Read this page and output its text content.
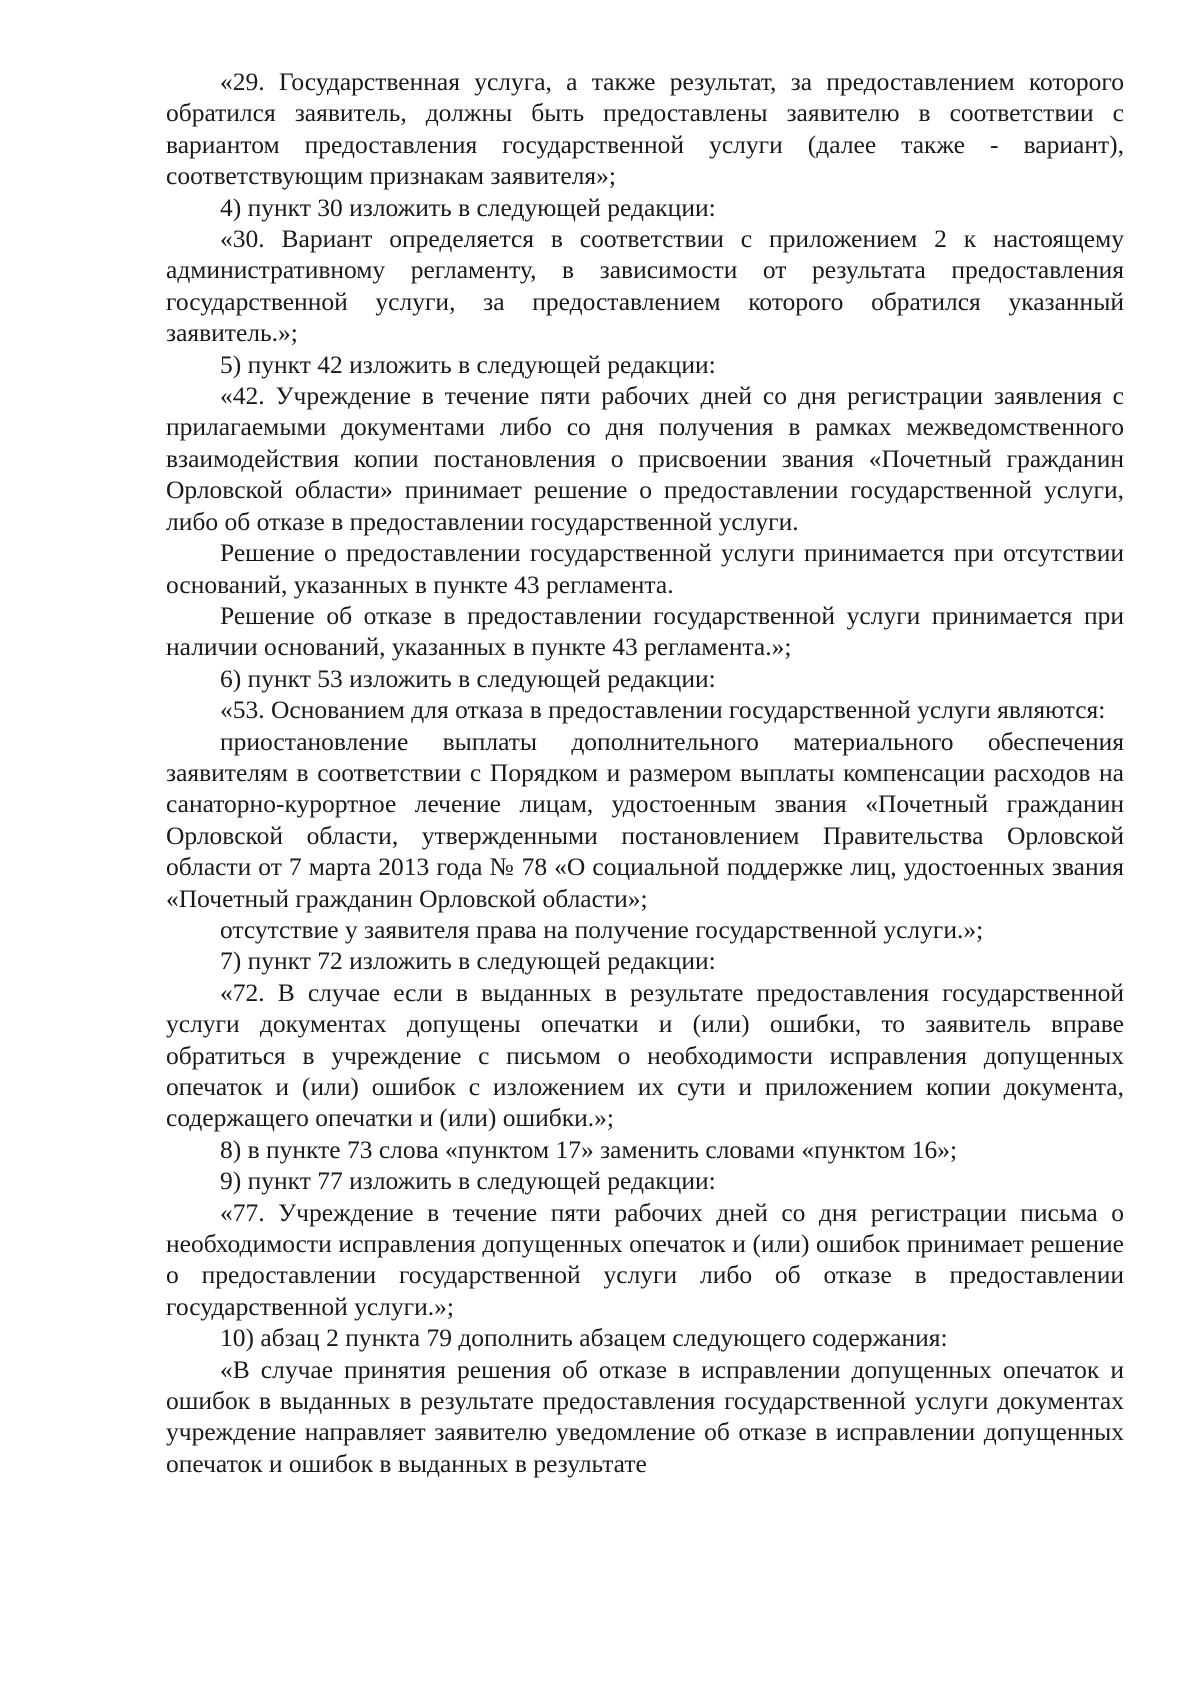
«29. Государственная услуга, а также результат, за предоставлением которого обратился заявитель, должны быть предоставлены заявителю в соответствии с вариантом предоставления государственной услуги (далее также - вариант), соответствующим признакам заявителя»;

4) пункт 30 изложить в следующей редакции:

«30. Вариант определяется в соответствии с приложением 2 к настоящему административному регламенту, в зависимости от результата предоставления государственной услуги, за предоставлением которого обратился указанный заявитель.»;

5) пункт 42 изложить в следующей редакции:

«42. Учреждение в течение пяти рабочих дней со дня регистрации заявления с прилагаемыми документами либо со дня получения в рамках межведомственного взаимодействия копии постановления о присвоении звания «Почетный гражданин Орловской области» принимает решение о предоставлении государственной услуги, либо об отказе в предоставлении государственной услуги.

Решение о предоставлении государственной услуги принимается при отсутствии оснований, указанных в пункте 43 регламента.

Решение об отказе в предоставлении государственной услуги принимается при наличии оснований, указанных в пункте 43 регламента.»;

6) пункт 53 изложить в следующей редакции:

«53. Основанием для отказа в предоставлении государственной услуги являются:

приостановление выплаты дополнительного материального обеспечения заявителям в соответствии с Порядком и размером выплаты компенсации расходов на санаторно-курортное лечение лицам, удостоенным звания «Почетный гражданин Орловской области, утвержденными постановлением Правительства Орловской области от 7 марта 2013 года № 78 «О социальной поддержке лиц, удостоенных звания «Почетный гражданин Орловской области»;

отсутствие у заявителя права на получение государственной услуги.»;

7) пункт 72 изложить в следующей редакции:

«72. В случае если в выданных в результате предоставления государственной услуги документах допущены опечатки и (или) ошибки, то заявитель вправе обратиться в учреждение с письмом о необходимости исправления допущенных опечаток и (или) ошибок с изложением их сути и приложением копии документа, содержащего опечатки и (или) ошибки.»;

8) в пункте 73 слова «пунктом 17» заменить словами «пунктом 16»;

9) пункт 77 изложить в следующей редакции:

«77. Учреждение в течение пяти рабочих дней со дня регистрации письма о необходимости исправления допущенных опечаток и (или) ошибок принимает решение о предоставлении государственной услуги либо об отказе в предоставлении государственной услуги.»;

10) абзац 2 пункта 79 дополнить абзацем следующего содержания:

«В случае принятия решения об отказе в исправлении допущенных опечаток и ошибок в выданных в результате предоставления государственной услуги документах учреждение направляет заявителю уведомление об отказе в исправлении допущенных опечаток и ошибок в выданных в результате
